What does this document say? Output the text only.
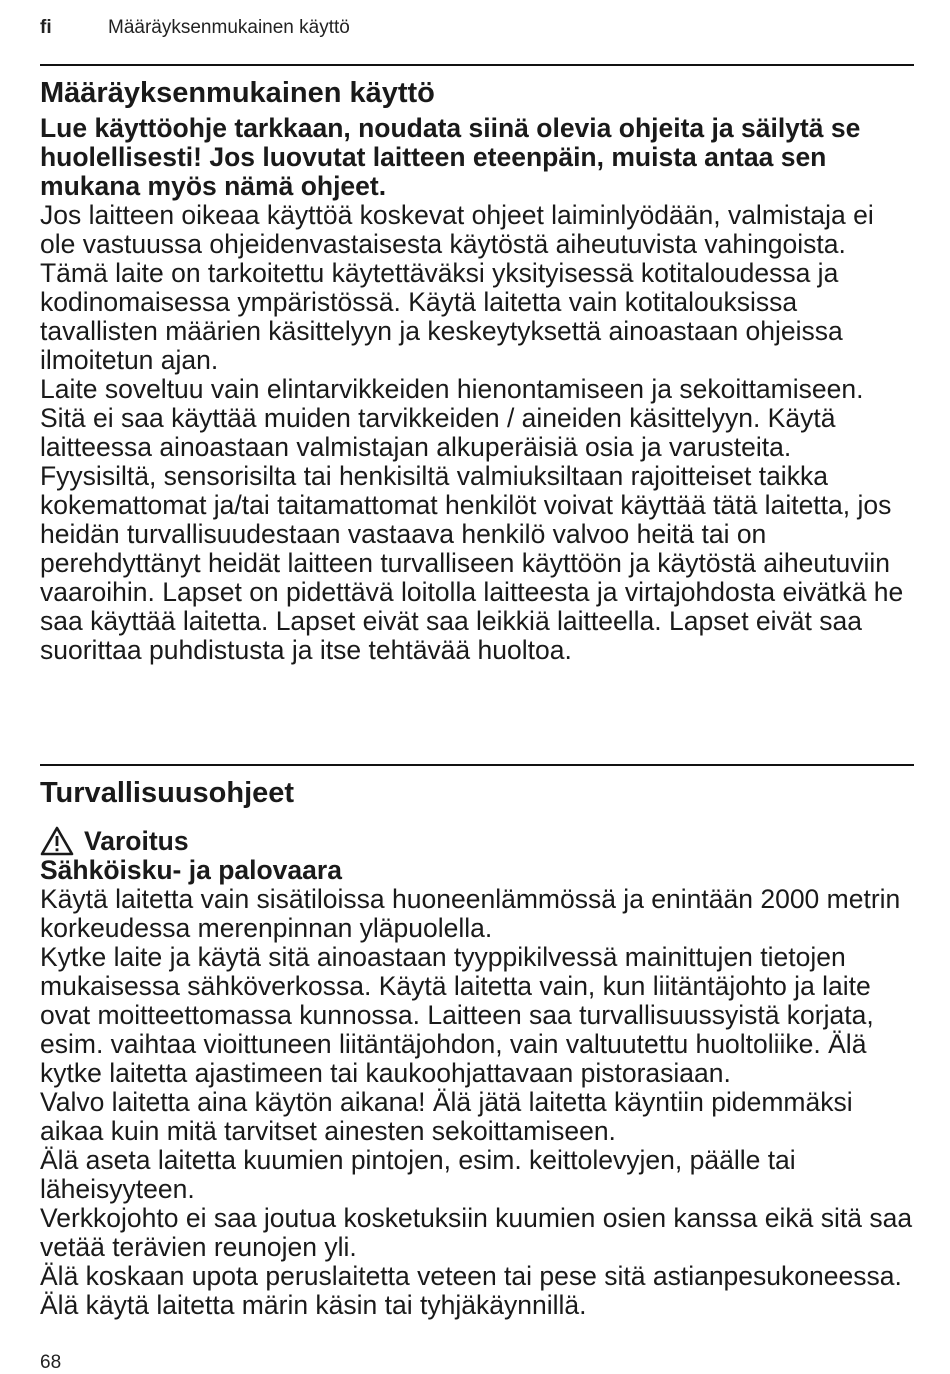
fi	Määräyksenmukainen käyttö
Määräyksenmukainen käyttö

Lue käyttöohje tarkkaan, noudata siinä olevia ohjeita ja säilytä se huolellisesti! Jos luovutat laitteen eteenpäin, muista antaa sen mukana myös nämä ohjeet.

Jos laitteen oikeaa käyttöä koskevat ohjeet laiminlyödään, valmistaja ei ole vastuussa ohjeidenvastaisesta käytöstä aiheutuvista vahingoista.

Tämä laite on tarkoitettu käytettäväksi yksityisessä kotitaloudessa ja kodinomaisessa ympäristössä. Käytä laitetta vain kotitalouksissa tavallisten määrien käsittelyyn ja keskeytyksettä ainoastaan ohjeissa ilmoitetun ajan.

Laite soveltuu vain elintarvikkeiden hienontamiseen ja sekoittamiseen. Sitä ei saa käyttää muiden tarvikkeiden / aineiden käsittelyyn. Käytä laitteessa ainoastaan valmistajan alkuperäisiä osia ja varusteita.

Fyysisiltä, sensorisilta tai henkisiltä valmiuksiltaan rajoitteiset taikka kokemattomat ja/tai taitamattomat henkilöt voivat käyttää tätä laitetta, jos heidän turvallisuudestaan vastaava henkilö valvoo heitä tai on perehdyttänyt heidät laitteen turvalliseen käyttöön ja käytöstä aiheutuviin vaaroihin. Lapset on pidettävä loitolla laitteesta ja virtajohdosta eivätkä he saa käyttää laitetta. Lapset eivät saa leikkiä laitteella. Lapset eivät saa suorittaa puhdistusta ja itse tehtävää huoltoa.

Turvallisuusohjeet
Varoitus

Sähköisku- ja palovaara

Käytä laitetta vain sisätiloissa huoneenlämmössä ja enintään 2000 metrin korkeudessa merenpinnan yläpuolella.

Kytke laite ja käytä sitä ainoastaan tyyppikilvessä mainittujen tietojen mukaisessa sähköverkossa. Käytä laitetta vain, kun liitäntäjohto ja laite ovat moitteettomassa kunnossa. Laitteen saa turvallisuussyistä korjata, esim. vaihtaa vioittuneen liitäntäjohdon, vain valtuutettu huoltoliike. Älä kytke laitetta ajastimeen tai kaukoohjattavaan pistorasiaan.

Valvo laitetta aina käytön aikana! Älä jätä laitetta käyntiin pidemmäksi aikaa kuin mitä tarvitset ainesten sekoittamiseen.

Älä aseta laitetta kuumien pintojen, esim. keittolevyjen, päälle tai läheisyyteen.

Verkkojohto ei saa joutua kosketuksiin kuumien osien kanssa eikä sitä saa vetää terävien reunojen yli.

Älä koskaan upota peruslaitetta veteen tai pese sitä astianpesukoneessa. Älä käytä laitetta märin käsin tai tyhjäkäynnillä.

68
